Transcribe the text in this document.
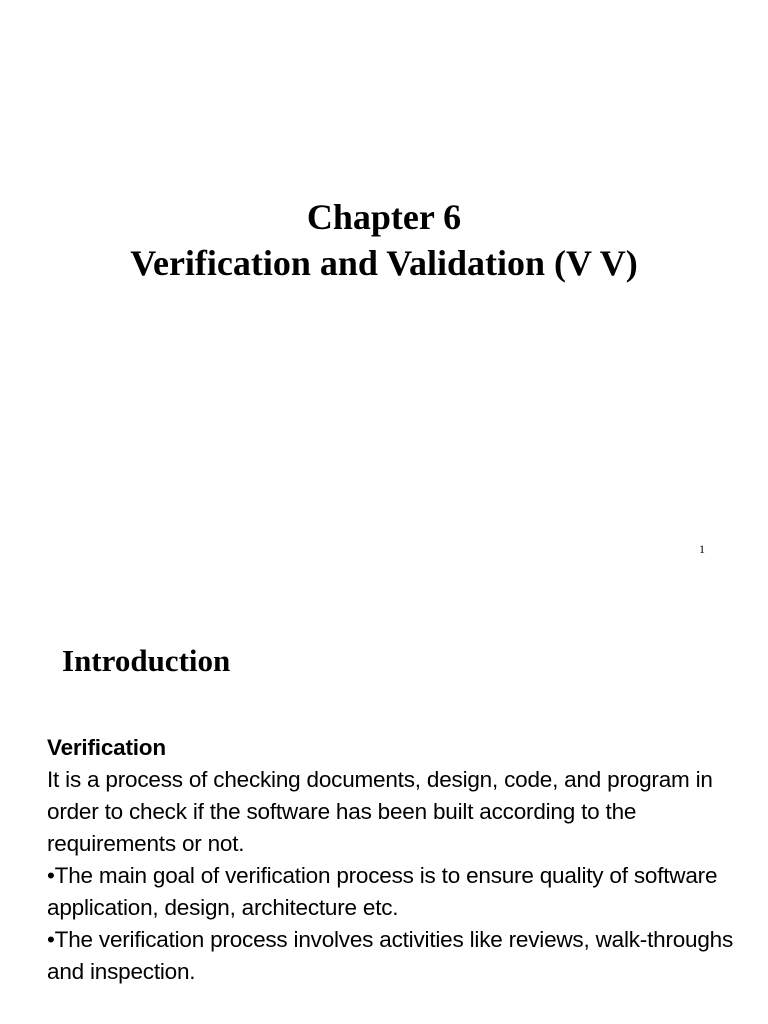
Chapter 6
Verification and Validation (V V)
1
Introduction

Verification

It is a process of checking documents, design, code, and program in order to check if the software has been built according to the requirements or not.

•The main goal of verification process is to ensure quality of software application, design, architecture etc.

•The verification process involves activities like reviews, walk-throughs and inspection.
